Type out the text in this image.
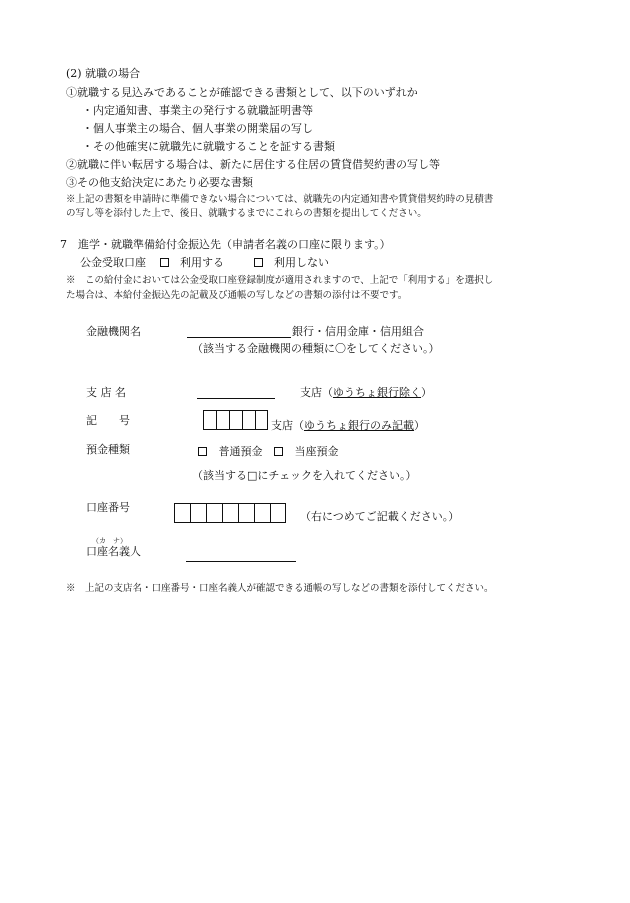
(2) 就職の場合
①就職する見込みであることが確認できる書類として、以下のいずれか
・内定通知書、事業主の発行する就職証明書等
・個人事業主の場合、個人事業の開業届の写し
・その他確実に就職先に就職することを証する書類
②就職に伴い転居する場合は、新たに居住する住居の賃貸借契約書の写し等
③その他支給決定にあたり必要な書類
※上記の書類を申請時に準備できない場合については、就職先の内定通知書や賃貸借契約時の見積書
の写し等を添付した上で、後日、就職するまでにこれらの書類を提出してください。
7　進学・就職準備給付金振込先（申請者名義の口座に限ります。）
公金受取口座	利用する	利用しない
※　この給付金においては公金受取口座登録制度が適用されますので、上記で「利用する」を選択し
た場合は、本給付金振込先の記載及び通帳の写しなどの書類の添付は不要です。
金融機関名	銀行・信用金庫・信用組合
（該当する金融機関の種類に〇をしてください。）
支 店 名	支店（ゆうちょ銀行除く）
記　　号	支店（ゆうちょ銀行のみ記載）
預金種類	普通預金	当座預金
（該当する□にチェックを入れてください。）
口座番号
（右につめてご記載ください。）
（カ　ナ）
口座名義人
※　上記の支店名・口座番号・口座名義人が確認できる通帳の写しなどの書類を添付してください。
